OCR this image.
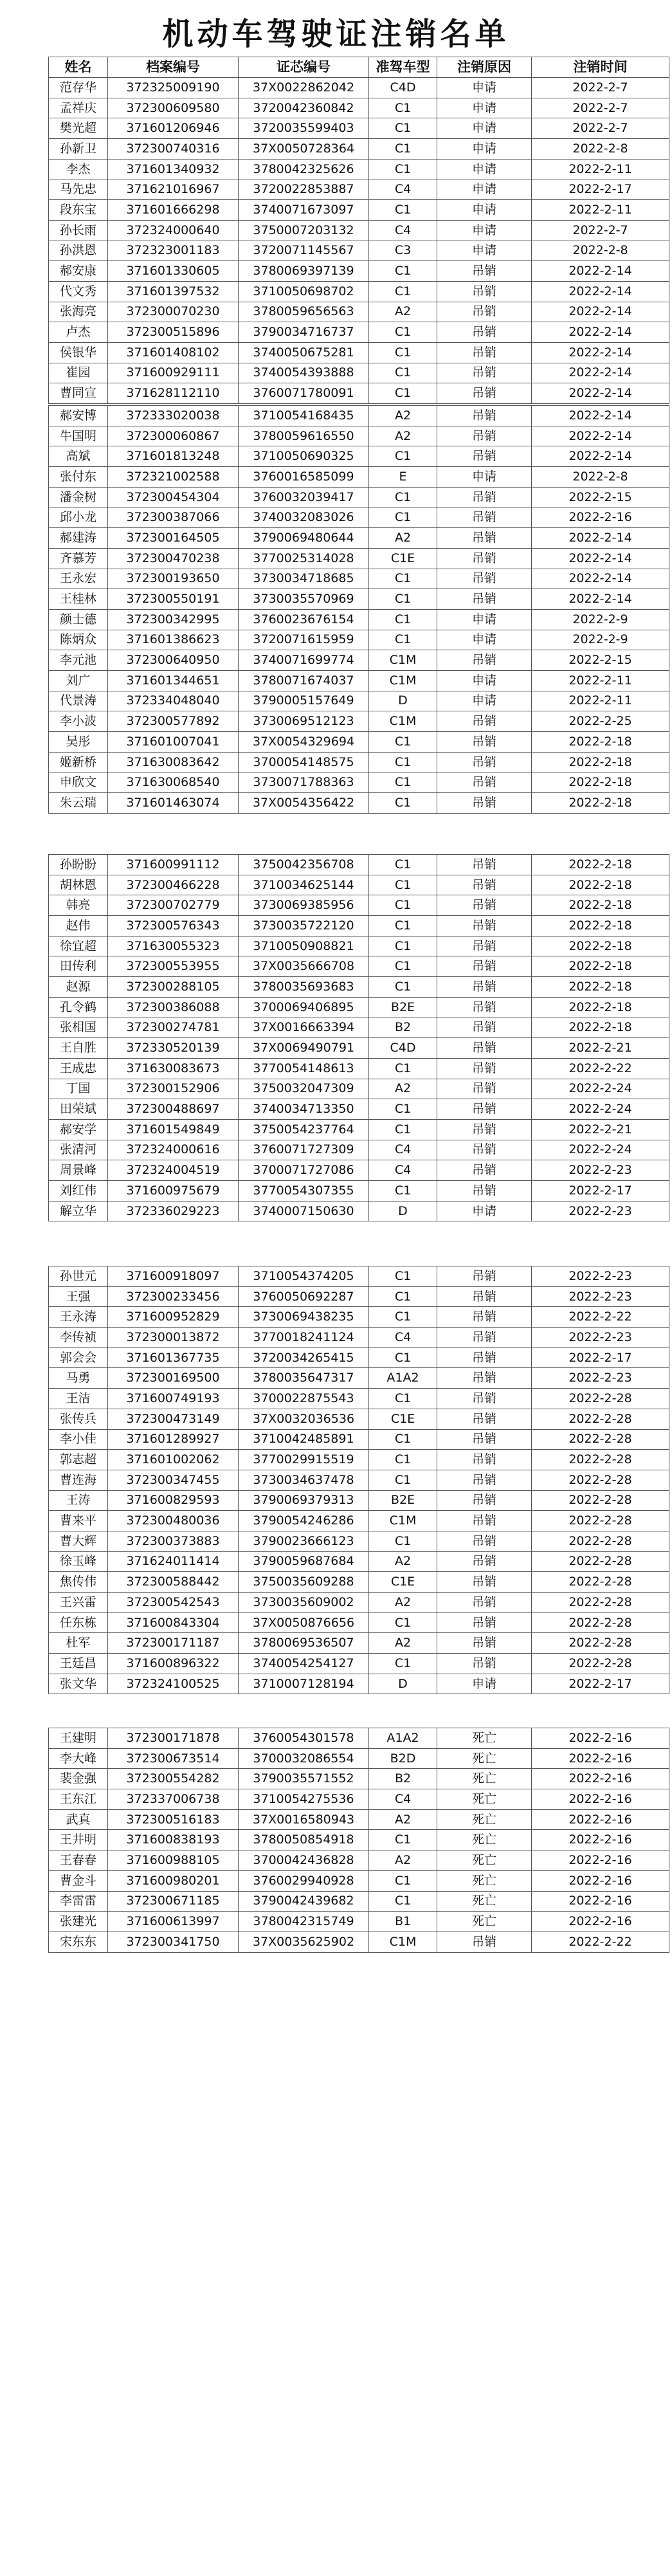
机动车驾驶证注销名单
姓名	档案编号	证芯编号	准驾车型	注销原因	注销时间
范存华	372325009190	37X0022862042	C4D	申请	2022-2-7
孟祥庆	372300609580	3720042360842	C1	申请	2022-2-7
樊光超	371601206946	3720035599403	C1	申请	2022-2-7
孙新卫	372300740316	37X0050728364	C1	申请	2022-2-8
李杰	371601340932	3780042325626	C1	申请	2022-2-11
马先忠	371621016967	3720022853887	C4	申请	2022-2-17
段东宝	371601666298	3740071673097	C1	申请	2022-2-11
孙长雨	372324000640	3750007203132	C4	申请	2022-2-7
孙洪恩	372323001183	3720071145567	C3	申请	2022-2-8
郝安康	371601330605	3780069397139	C1	吊销	2022-2-14
代文秀	371601397532	3710050698702	C1	吊销	2022-2-14
张海亮	372300070230	3780059656563	A2	吊销	2022-2-14
卢杰	372300515896	3790034716737	C1	吊销	2022-2-14
侯银华	371601408102	3740050675281	C1	吊销	2022-2-14
崔园	371600929111	3740054393888	C1	吊销	2022-2-14
曹同宣	371628112110	3760071780091	C1	吊销	2022-2-14
郝安博	372333020038	3710054168435	A2	吊销	2022-2-14
牛国明	372300060867	3780059616550	A2	吊销	2022-2-14
高斌	371601813248	3710050690325	C1	吊销	2022-2-14
张付东	372321002588	3760016585099	E	申请	2022-2-8
潘金树	372300454304	3760032039417	C1	吊销	2022-2-15
邱小龙	372300387066	3740032083026	C1	吊销	2022-2-16
郝建涛	372300164505	3790069480644	A2	吊销	2022-2-14
齐慕芳	372300470238	3770025314028	C1E	吊销	2022-2-14
王永宏	372300193650	3730034718685	C1	吊销	2022-2-14
王桂林	372300550191	3730035570969	C1	吊销	2022-2-14
颜士德	372300342995	3760023676154	C1	申请	2022-2-9
陈炳众	371601386623	3720071615959	C1	申请	2022-2-9
李元池	372300640950	3740071699774	C1M	吊销	2022-2-15
刘广	371601344651	3780071674037	C1M	申请	2022-2-11
代景涛	372334048040	3790005157649	D	申请	2022-2-11
李小波	372300577892	3730069512123	C1M	吊销	2022-2-25
吴彤	371601007041	37X0054329694	C1	吊销	2022-2-18
姬新桥	371630083642	3700054148575	C1	吊销	2022-2-18
申欣文	371630068540	3730071788363	C1	吊销	2022-2-18
朱云瑞	371601463074	37X0054356422	C1	吊销	2022-2-18
孙盼盼	371600991112	3750042356708	C1	吊销	2022-2-18
胡林恩	372300466228	3710034625144	C1	吊销	2022-2-18
韩亮	372300702779	3730069385956	C1	吊销	2022-2-18
赵伟	372300576343	3730035722120	C1	吊销	2022-2-18
徐宜超	371630055323	3710050908821	C1	吊销	2022-2-18
田传利	372300553955	37X0035666708	C1	吊销	2022-2-18
赵源	372300288105	3780035693683	C1	吊销	2022-2-18
孔令鹤	372300386088	3700069406895	B2E	吊销	2022-2-18
张相国	372300274781	37X0016663394	B2	吊销	2022-2-18
王自胜	372330520139	37X0069490791	C4D	吊销	2022-2-21
王成忠	371630083673	3770054148613	C1	吊销	2022-2-22
丁国	372300152906	3750032047309	A2	吊销	2022-2-24
田荣斌	372300488697	3740034713350	C1	吊销	2022-2-24
郝安学	371601549849	3750054237764	C1	吊销	2022-2-21
张清河	372324000616	3760071727309	C4	吊销	2022-2-24
周景峰	372324004519	3700071727086	C4	吊销	2022-2-23
刘红伟	371600975679	3770054307355	C1	吊销	2022-2-17
解立华	372336029223	3740007150630	D	申请	2022-2-23
孙世元	371600918097	3710054374205	C1	吊销	2022-2-23
王强	372300233456	3760050692287	C1	吊销	2022-2-23
王永涛	371600952829	3730069438235	C1	吊销	2022-2-22
李传祯	372300013872	3770018241124	C4	吊销	2022-2-23
郭会会	371601367735	3720034265415	C1	吊销	2022-2-17
马勇	372300169500	3780035647317	A1A2	吊销	2022-2-23
王洁	371600749193	3700022875543	C1	吊销	2022-2-28
张传兵	372300473149	37X0032036536	C1E	吊销	2022-2-28
李小佳	371601289927	3710042485891	C1	吊销	2022-2-28
郭志超	371601002062	3770029915519	C1	吊销	2022-2-28
曹连海	372300347455	3730034637478	C1	吊销	2022-2-28
王涛	371600829593	3790069379313	B2E	吊销	2022-2-28
曹来平	372300480036	3790054246286	C1M	吊销	2022-2-28
曹大辉	372300373883	3790023666123	C1	吊销	2022-2-28
徐玉峰	371624011414	3790059687684	A2	吊销	2022-2-28
焦传伟	372300588442	3750035609288	C1E	吊销	2022-2-28
王兴雷	372300542543	3730035609002	A2	吊销	2022-2-28
任东栋	371600843304	37X0050876656	C1	吊销	2022-2-28
杜军	372300171187	3780069536507	A2	吊销	2022-2-28
王廷昌	371600896322	3740054254127	C1	吊销	2022-2-28
张文华	372324100525	3710007128194	D	申请	2022-2-17
王建明	372300171878	3760054301578	A1A2	死亡	2022-2-16
李大峰	372300673514	3700032086554	B2D	死亡	2022-2-16
裴金强	372300554282	3790035571552	B2	死亡	2022-2-16
王东江	372337006738	3710054275536	C4	死亡	2022-2-16
武真	372300516183	37X0016580943	A2	死亡	2022-2-16
王井明	371600838193	3780050854918	C1	死亡	2022-2-16
王春春	371600988105	3700042436828	A2	死亡	2022-2-16
曹金斗	371600980201	3760029940928	C1	死亡	2022-2-16
李雷雷	372300671185	3790042439682	C1	死亡	2022-2-16
张建光	371600613997	3780042315749	B1	死亡	2022-2-16
宋东东	372300341750	37X0035625902	C1M	吊销	2022-2-22
